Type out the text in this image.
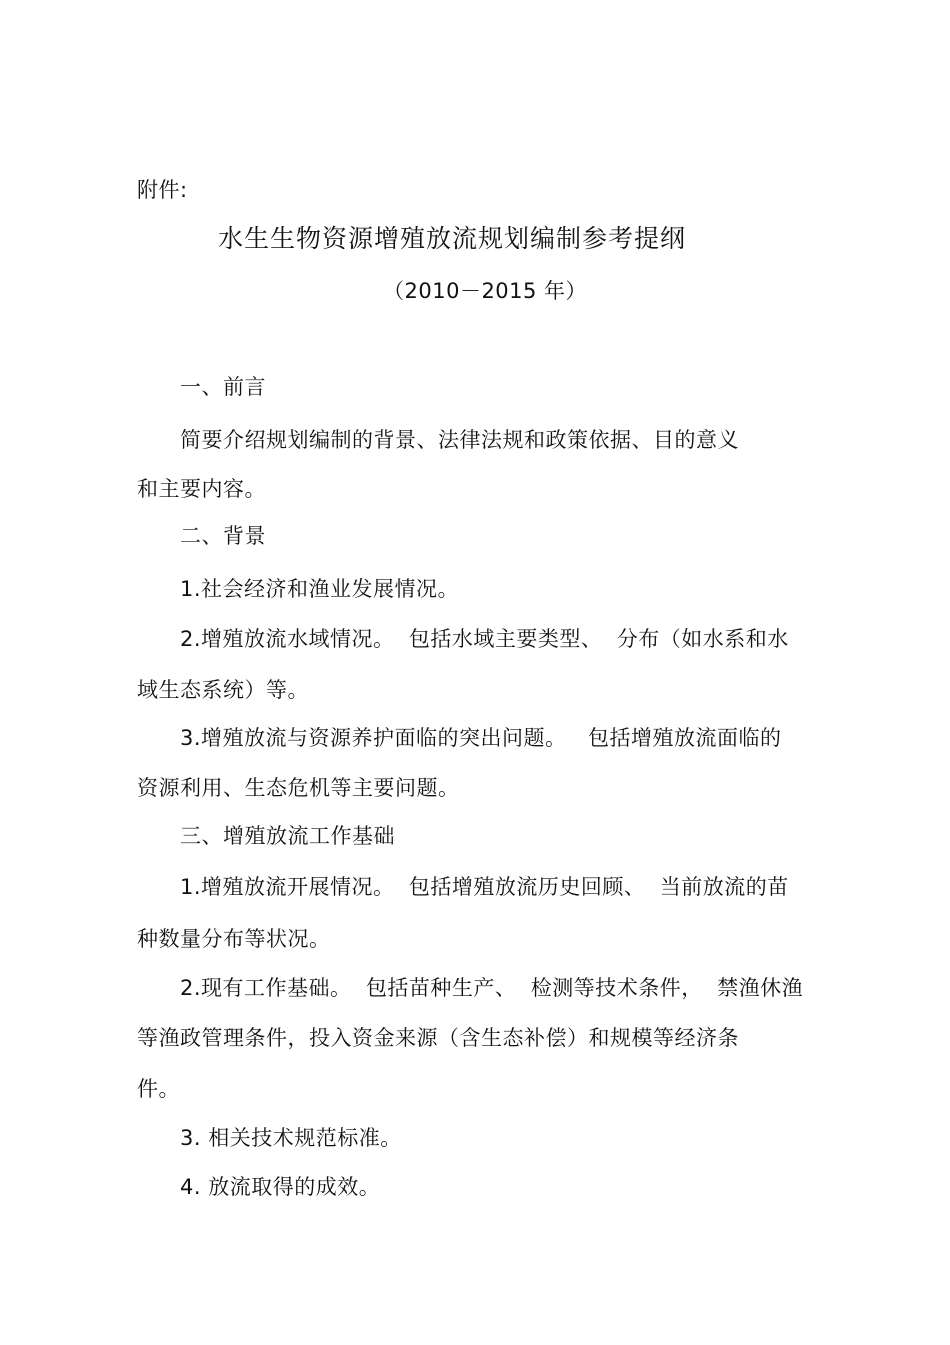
附件:
水生生物资源增殖放流规划编制参考提纲
（2010－2015 年）
一、前言
简要介绍规划编制的背景、法律法规和政策依据、目的意义
和主要内容。
二、背景
1.社会经济和渔业发展情况。
2.增殖放流水域情况。  包括水域主要类型、  分布（如水系和水
域生态系统）等。
3.增殖放流与资源养护面临的突出问题。   包括增殖放流面临的
资源利用、生态危机等主要问题。
三、增殖放流工作基础
1.增殖放流开展情况。  包括增殖放流历史回顾、  当前放流的苗
种数量分布等状况。
2.现有工作基础。  包括苗种生产、  检测等技术条件，  禁渔休渔
等渔政管理条件，投入资金来源（含生态补偿）和规模等经济条
件。
3. 相关技术规范标准。
4. 放流取得的成效。
